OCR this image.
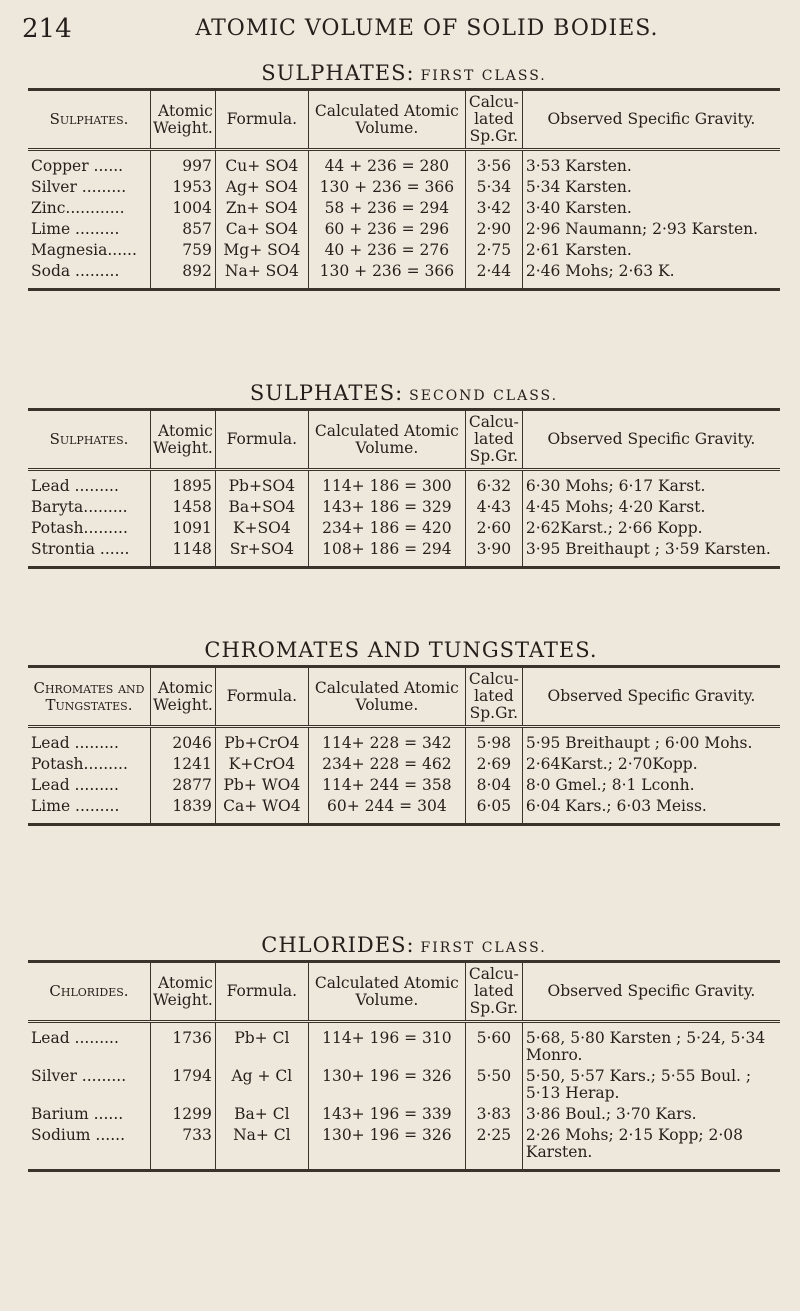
214	ATOMIC VOLUME OF SOLID BODIES.
SULPHATES: FIRST CLASS.
Sulphates.	Atomic Weight.	Formula.	Calculated Atomic Volume.	Calcu-lated Sp.Gr.	Observed Specific Gravity.
Copper ......	997	Cu+ SO4	44 + 236 = 280	3·56	3·53 Karsten.
Silver .........	1953	Ag+ SO4	130 + 236 = 366	5·34	5·34 Karsten.
Zinc............	1004	Zn+ SO4	58 + 236 = 294	3·42	3·40 Karsten.
Lime .........	857	Ca+ SO4	60 + 236 = 296	2·90	2·96 Naumann; 2·93 Karsten.
Magnesia......	759	Mg+ SO4	40 + 236 = 276	2·75	2·61 Karsten.
Soda .........	892	Na+ SO4	130 + 236 = 366	2·44	2·46 Mohs; 2·63 K.
SULPHATES: SECOND CLASS.
Sulphates.	Atomic Weight.	Formula.	Calculated Atomic Volume.	Calcu-lated Sp.Gr.	Observed Specific Gravity.
Lead .........	1895	Pb+SO4	114+ 186 = 300	6·32	6·30 Mohs; 6·17 Karst.
Baryta.........	1458	Ba+SO4	143+ 186 = 329	4·43	4·45 Mohs; 4·20 Karst.
Potash.........	1091	K+SO4	234+ 186 = 420	2·60	2·62Karst.; 2·66 Kopp.
Strontia ......	1148	Sr+SO4	108+ 186 = 294	3·90	3·95 Breithaupt ; 3·59 Karsten.
CHROMATES AND TUNGSTATES.
Chromates and Tungstates.	Atomic Weight.	Formula.	Calculated Atomic Volume.	Calcu-lated Sp.Gr.	Observed Specific Gravity.
Lead .........	2046	Pb+CrO4	114+ 228 = 342	5·98	5·95 Breithaupt ; 6·00 Mohs.
Potash.........	1241	K+CrO4	234+ 228 = 462	2·69	2·64Karst.; 2·70Kopp.
Lead .........	2877	Pb+ WO4	114+ 244 = 358	8·04	8·0 Gmel.; 8·1 Lconh.
Lime .........	1839	Ca+ WO4	60+ 244 = 304	6·05	6·04 Kars.; 6·03 Meiss.
CHLORIDES: FIRST CLASS.
Chlorides.	Atomic Weight.	Formula.	Calculated Atomic Volume.	Calcu-lated Sp.Gr.	Observed Specific Gravity.
Lead .........	1736	Pb+ Cl	114+ 196 = 310	5·60	5·68, 5·80 Karsten ; 5·24, 5·34 Monro.
Silver .........	1794	Ag + Cl	130+ 196 = 326	5·50	5·50, 5·57 Kars.; 5·55 Boul. ; 5·13 Herap.
Barium ......	1299	Ba+ Cl	143+ 196 = 339	3·83	3·86 Boul.; 3·70 Kars.
Sodium ......	733	Na+ Cl	130+ 196 = 326	2·25	2·26 Mohs; 2·15 Kopp; 2·08 Karsten.
